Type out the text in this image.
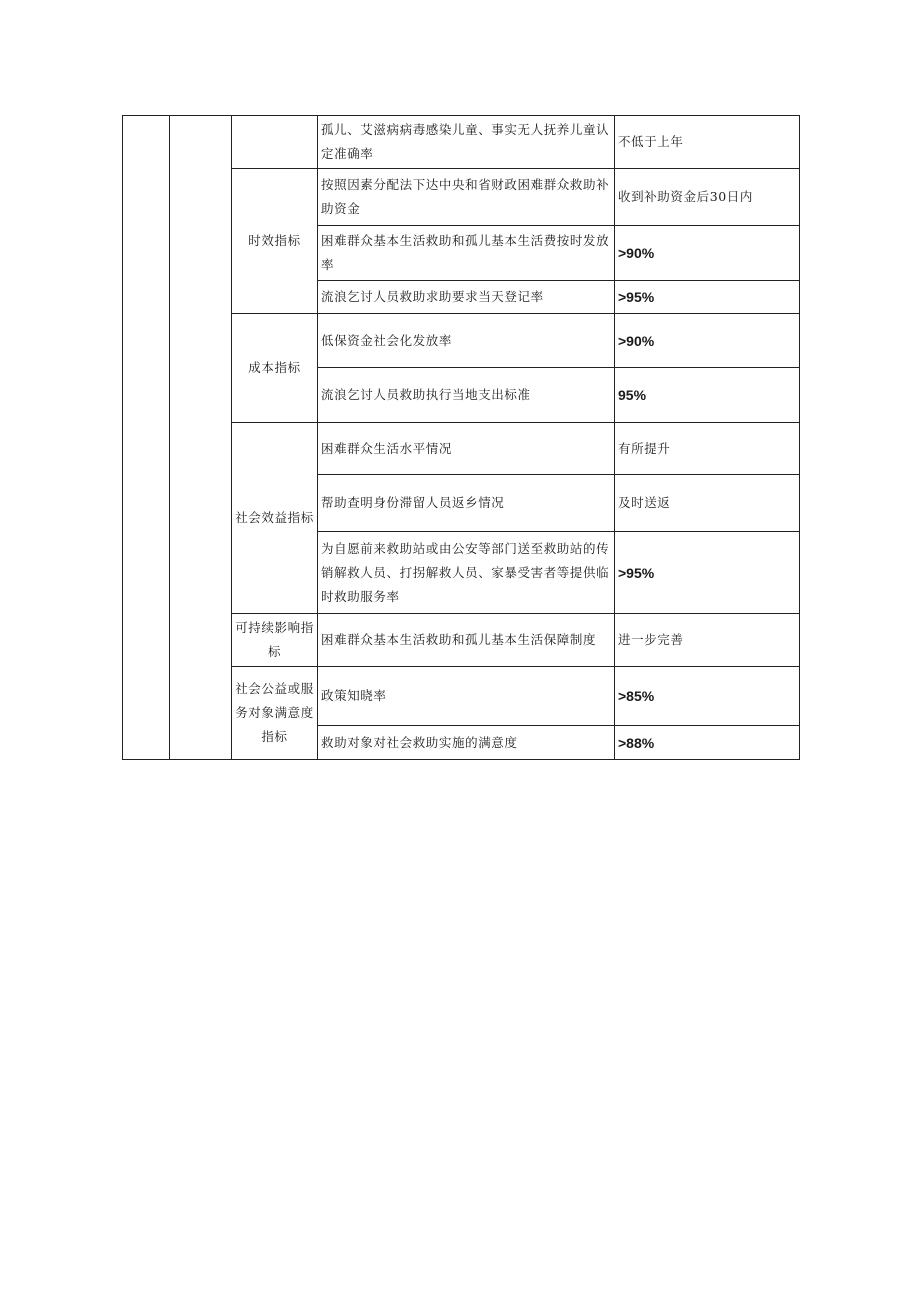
			孤儿、艾滋病病毒感染儿童、事实无人抚养儿童认定准确率	不低于上年
		时效指标	按照因素分配法下达中央和省财政困难群众救助补助资金	收到补助资金后30日内
			困难群众基本生活救助和孤儿基本生活费按时发放率	>90%
			流浪乞讨人员救助求助要求当天登记率	>95%
		成本指标	低保资金社会化发放率	>90%
			流浪乞讨人员救助执行当地支出标准	95%
		社会效益指标	困难群众生活水平情况	有所提升
			帮助查明身份滞留人员返乡情况	及时送返
			为自愿前来救助站或由公安等部门送至救助站的传销解救人员、打拐解救人员、家暴受害者等提供临时救助服务率	>95%
		可持续影响指标	困难群众基本生活救助和孤儿基本生活保障制度	进一步完善
		社会公益或服务对象满意度指标	政策知晓率	>85%
			救助对象对社会救助实施的满意度	>88%
